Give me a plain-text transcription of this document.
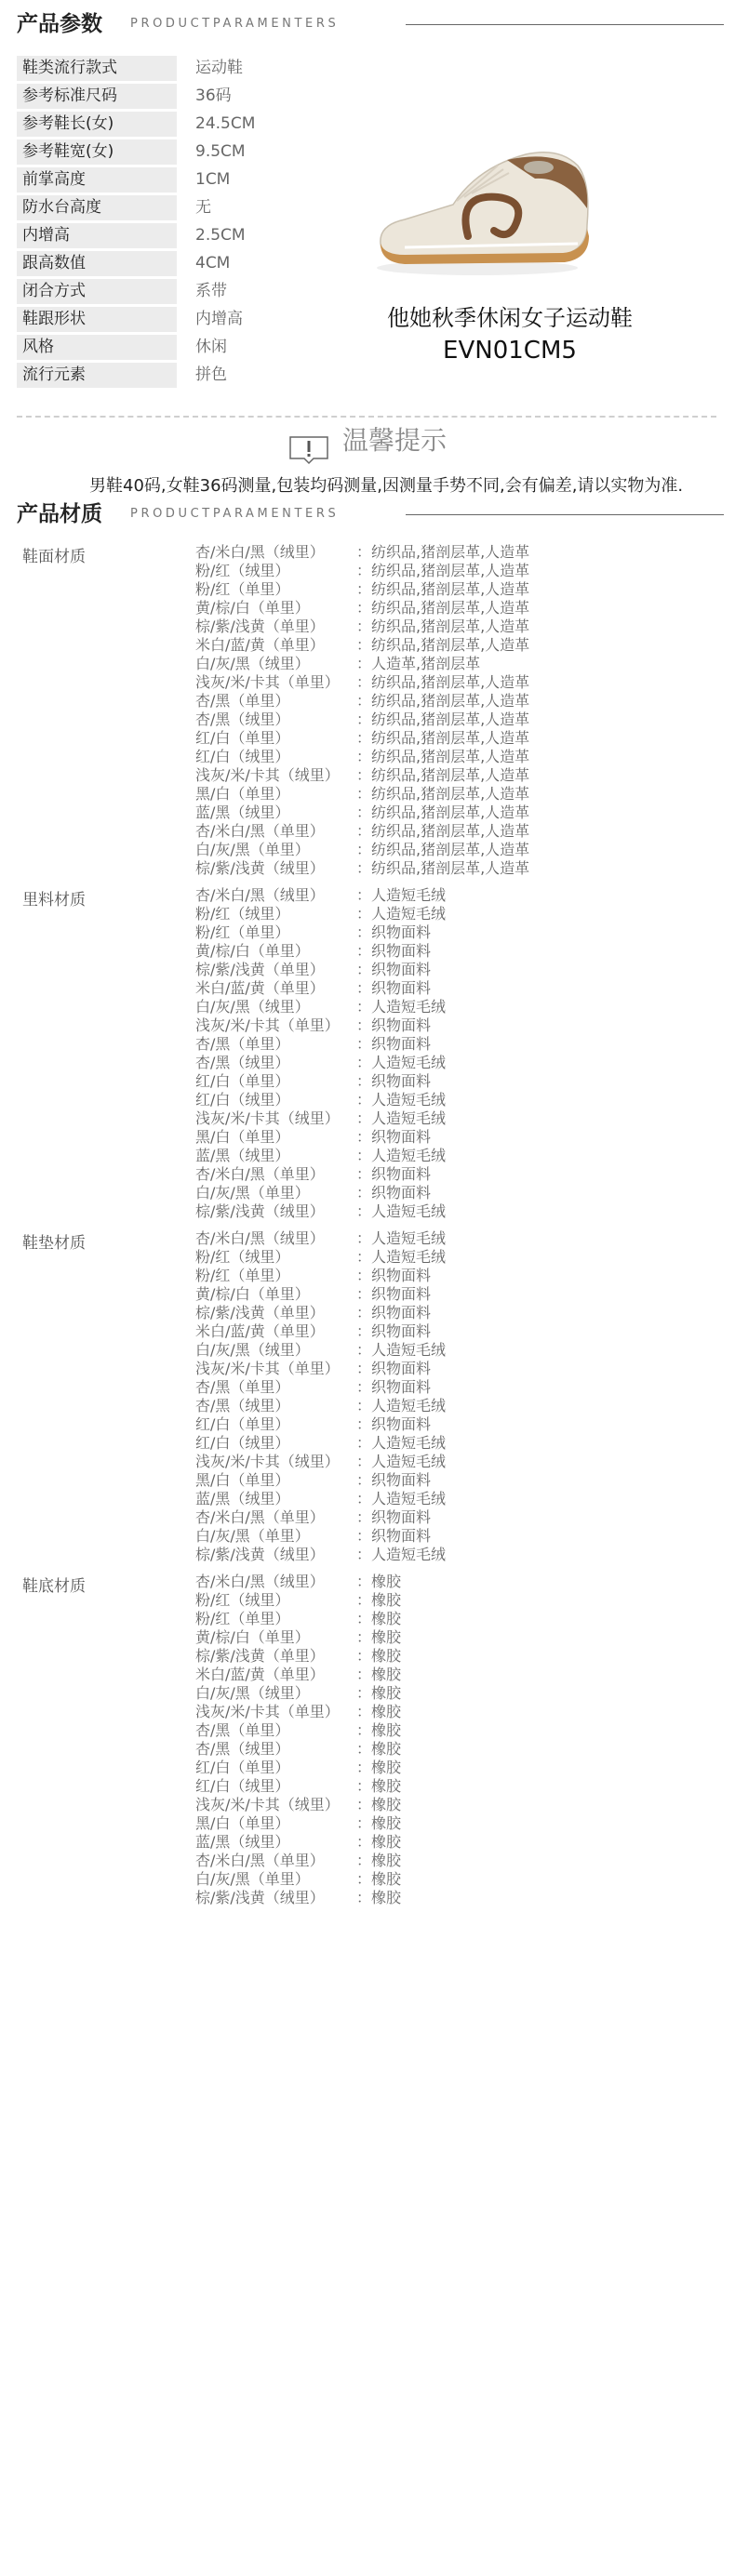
产品参数 PRODUCTPARAMENTERS
鞋类流行款式	运动鞋
参考标准尺码	36码
参考鞋长(女)	24.5CM
参考鞋宽(女)	9.5CM
前掌高度	1CM
防水台高度	无
内增高	2.5CM
跟高数值	4CM
闭合方式	系带
鞋跟形状	内增高
风格	休闲
流行元素	拼色
他她秋季休闲女子运动鞋
EVN01CM5
温馨提示
男鞋40码,女鞋36码测量,包装均码测量,因测量手势不同,会有偏差,请以实物为准.
产品材质 PRODUCTPARAMENTERS
鞋面材质	杏/米白/黑（绒里） ：纺织品,猪剖层革,人造革
粉/红（绒里）	：纺织品,猪剖层革,人造革
粉/红（单里）	：纺织品,猪剖层革,人造革
黄/棕/白（单里）	：纺织品,猪剖层革,人造革
棕/紫/浅黄（单里） ：纺织品,猪剖层革,人造革
米白/蓝/黄（单里） ：纺织品,猪剖层革,人造革
白/灰/黑（绒里）	：人造革,猪剖层革
浅灰/米/卡其（单里） ：纺织品,猪剖层革,人造革
杏/黑（单里）	：纺织品,猪剖层革,人造革
杏/黑（绒里）	：纺织品,猪剖层革,人造革
红/白（单里）	：纺织品,猪剖层革,人造革
红/白（绒里）	：纺织品,猪剖层革,人造革
浅灰/米/卡其（绒里） ：纺织品,猪剖层革,人造革
黑/白（单里）	：纺织品,猪剖层革,人造革
蓝/黑（绒里）	：纺织品,猪剖层革,人造革
杏/米白/黑（单里） ：纺织品,猪剖层革,人造革
白/灰/黑（单里）	：纺织品,猪剖层革,人造革
棕/紫/浅黄（绒里） ：纺织品,猪剖层革,人造革
里料材质	杏/米白/黑（绒里） ：人造短毛绒
粉/红（绒里）	：人造短毛绒
粉/红（单里）	：织物面料
黄/棕/白（单里）	：织物面料
棕/紫/浅黄（单里） ：织物面料
米白/蓝/黄（单里） ：织物面料
白/灰/黑（绒里）	：人造短毛绒
浅灰/米/卡其（单里） ：织物面料
杏/黑（单里）	：织物面料
杏/黑（绒里）	：人造短毛绒
红/白（单里）	：织物面料
红/白（绒里）	：人造短毛绒
浅灰/米/卡其（绒里） ：人造短毛绒
黑/白（单里）	：织物面料
蓝/黑（绒里）	：人造短毛绒
杏/米白/黑（单里） ：织物面料
白/灰/黑（单里）	：织物面料
棕/紫/浅黄（绒里） ：人造短毛绒
鞋垫材质	杏/米白/黑（绒里） ：人造短毛绒
粉/红（绒里）	：人造短毛绒
粉/红（单里）	：织物面料
黄/棕/白（单里）	：织物面料
棕/紫/浅黄（单里） ：织物面料
米白/蓝/黄（单里） ：织物面料
白/灰/黑（绒里）	：人造短毛绒
浅灰/米/卡其（单里） ：织物面料
杏/黑（单里）	：织物面料
杏/黑（绒里）	：人造短毛绒
红/白（单里）	：织物面料
红/白（绒里）	：人造短毛绒
浅灰/米/卡其（绒里） ：人造短毛绒
黑/白（单里）	：织物面料
蓝/黑（绒里）	：人造短毛绒
杏/米白/黑（单里） ：织物面料
白/灰/黑（单里）	：织物面料
棕/紫/浅黄（绒里） ：人造短毛绒
鞋底材质	杏/米白/黑（绒里） ：橡胶
粉/红（绒里）	：橡胶
粉/红（单里）	：橡胶
黄/棕/白（单里）	：橡胶
棕/紫/浅黄（单里） ：橡胶
米白/蓝/黄（单里） ：橡胶
白/灰/黑（绒里）	：橡胶
浅灰/米/卡其（单里） ：橡胶
杏/黑（单里）	：橡胶
杏/黑（绒里）	：橡胶
红/白（单里）	：橡胶
红/白（绒里）	：橡胶
浅灰/米/卡其（绒里） ：橡胶
黑/白（单里）	：橡胶
蓝/黑（绒里）	：橡胶
杏/米白/黑（单里） ：橡胶
白/灰/黑（单里）	：橡胶
棕/紫/浅黄（绒里） ：橡胶
